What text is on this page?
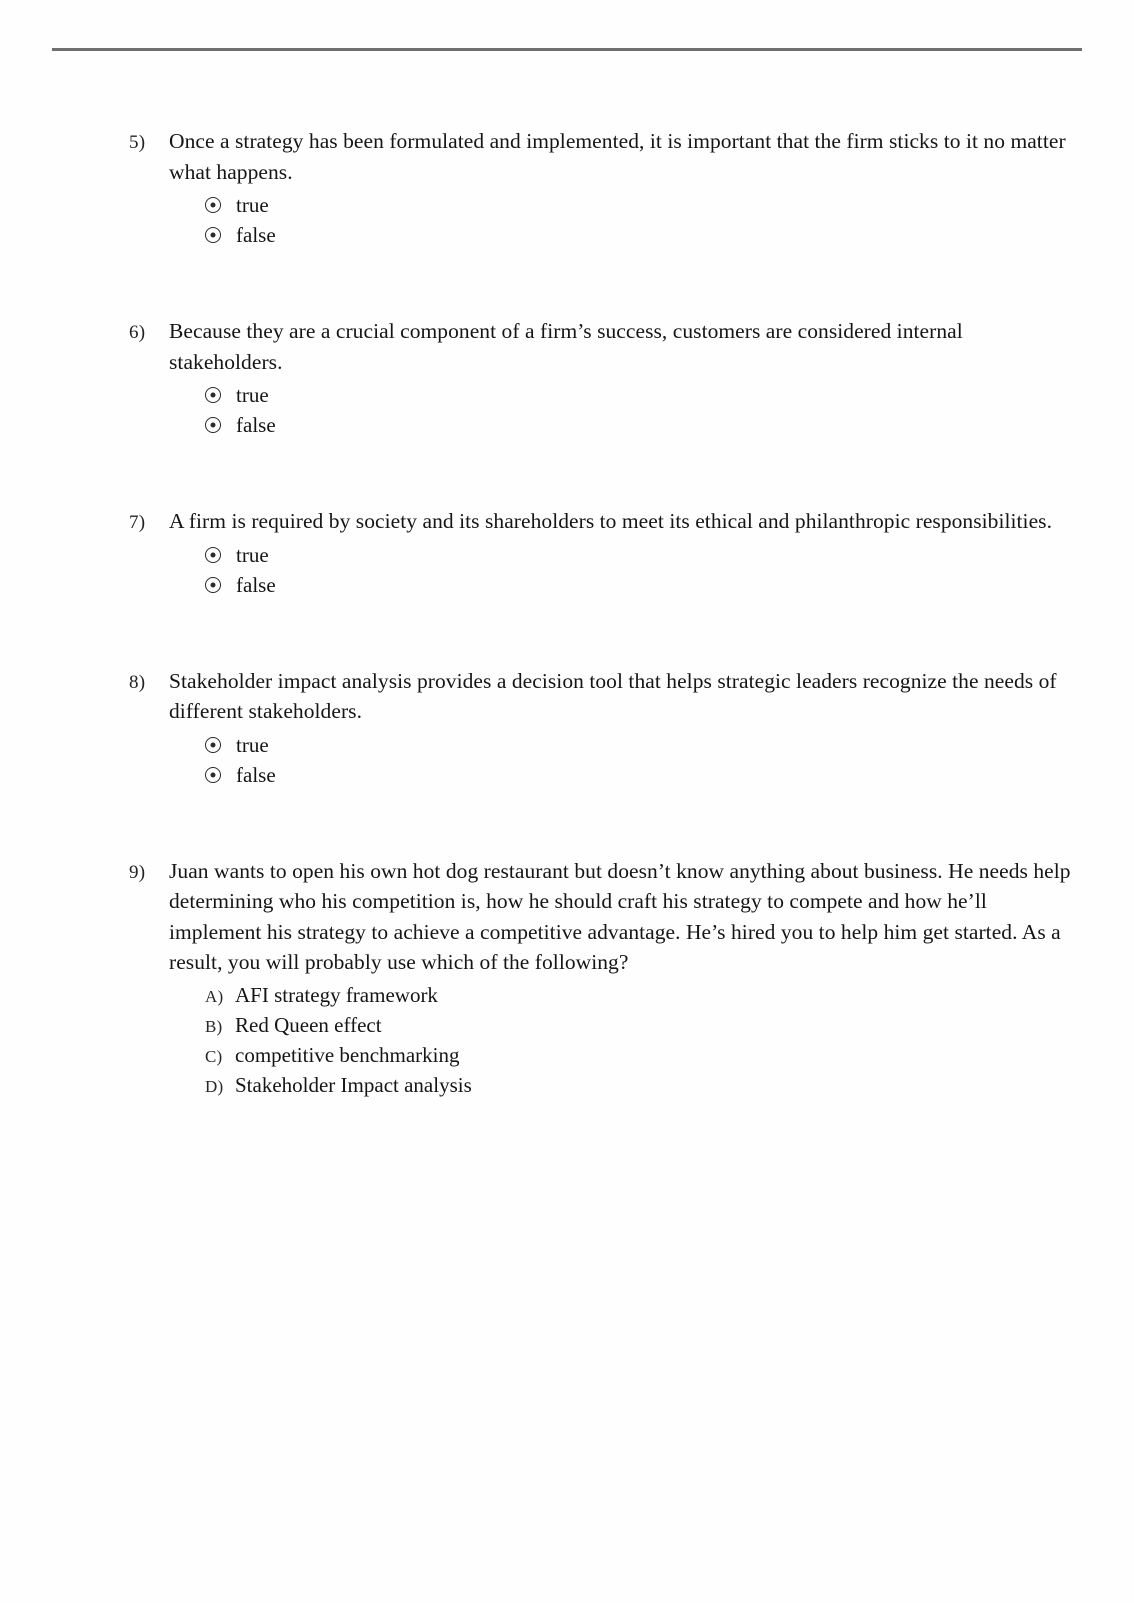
5)	Once a strategy has been formulated and implemented, it is important that the firm sticks to it no matter what happens.
true
false
6)	Because they are a crucial component of a firm’s success, customers are considered internal stakeholders.
true
false
7)	A firm is required by society and its shareholders to meet its ethical and philanthropic responsibilities.
true
false
8)	Stakeholder impact analysis provides a decision tool that helps strategic leaders recognize the needs of different stakeholders.
true
false
9)	Juan wants to open his own hot dog restaurant but doesn’t know anything about business. He needs help determining who his competition is, how he should craft his strategy to compete and how he’ll implement his strategy to achieve a competitive advantage. He’s hired you to help him get started. As a result, you will probably use which of the following?
A) AFI strategy framework
B) Red Queen effect
C) competitive benchmarking
D) Stakeholder Impact analysis
